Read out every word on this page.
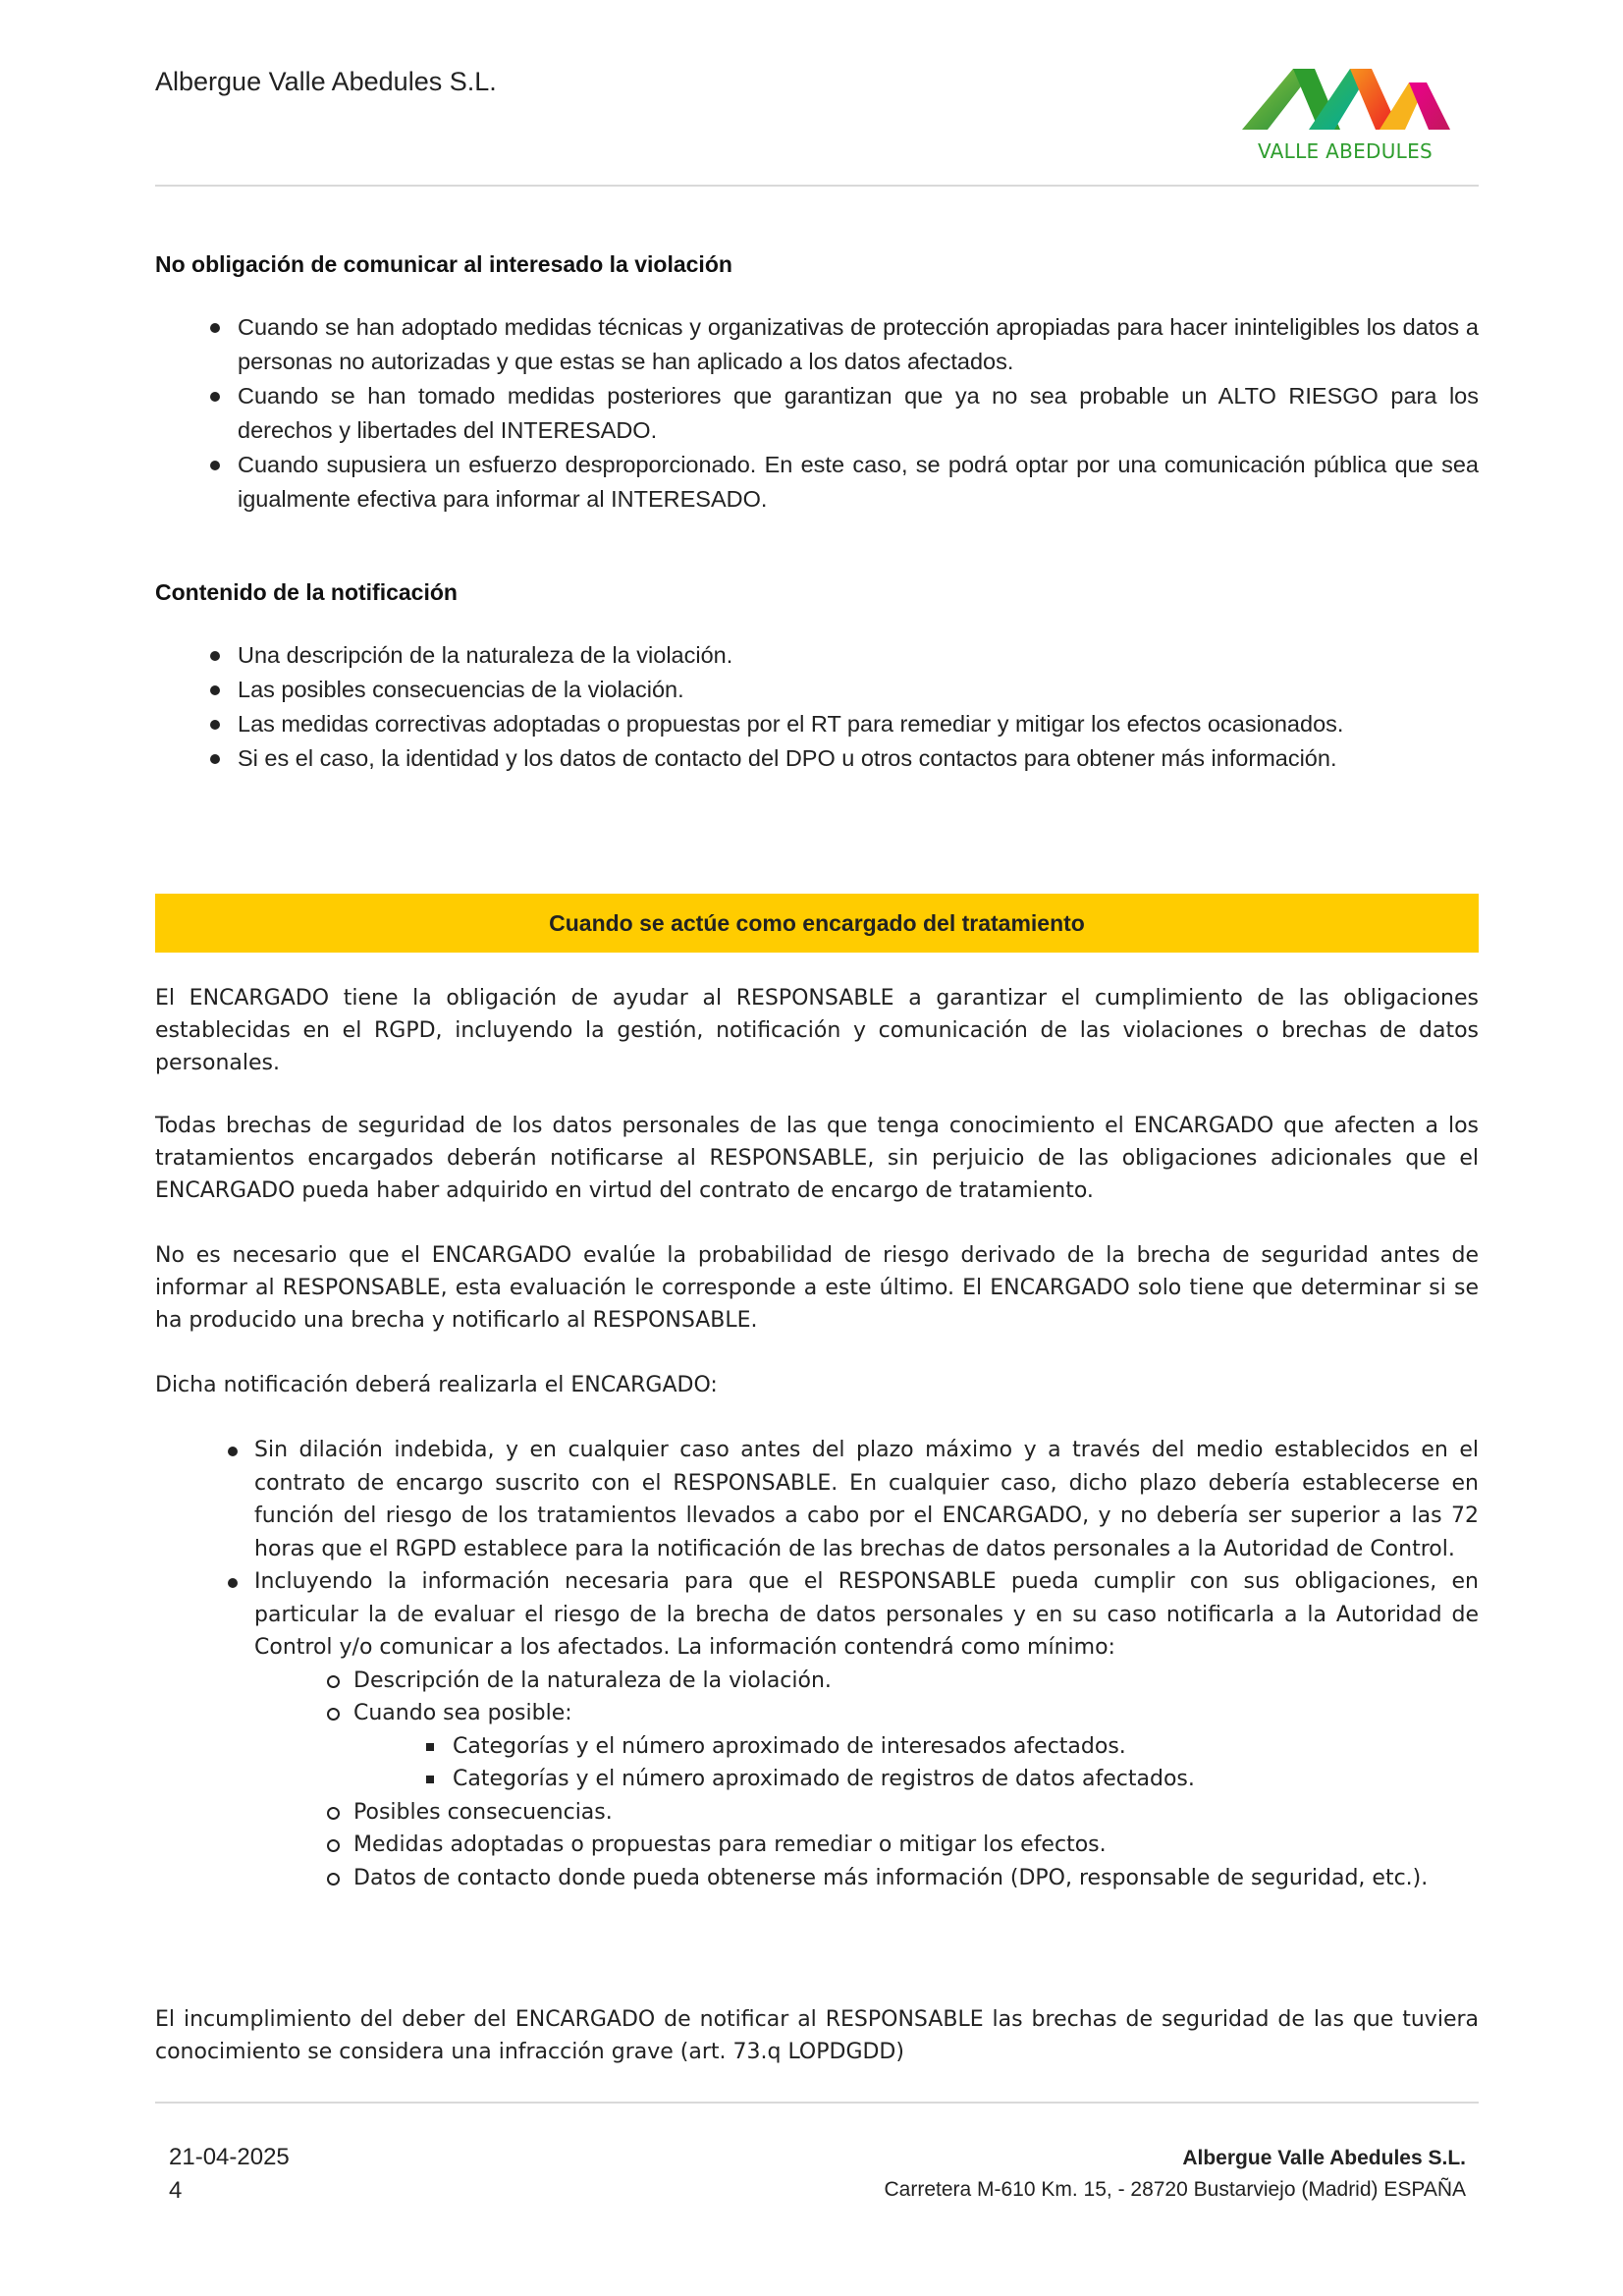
Albergue Valle Abedules S.L.
VALLE ABEDULES
No obligación de comunicar al interesado la violación
Cuando se han adoptado medidas técnicas y organizativas de protección apropiadas para hacer ininteligibles los datos a personas no autorizadas y que estas se han aplicado a los datos afectados.
Cuando se han tomado medidas posteriores que garantizan que ya no sea probable un ALTO RIESGO para los derechos y libertades del INTERESADO.
Cuando supusiera un esfuerzo desproporcionado. En este caso, se podrá optar por una comunicación pública que sea igualmente efectiva para informar al INTERESADO.
Contenido de la notificación
Una descripción de la naturaleza de la violación.
Las posibles consecuencias de la violación.
Las medidas correctivas adoptadas o propuestas por el RT para remediar y mitigar los efectos ocasionados.
Si es el caso, la identidad y los datos de contacto del DPO u otros contactos para obtener más información.
Cuando se actúe como encargado del tratamiento

El ENCARGADO tiene la obligación de ayudar al RESPONSABLE a garantizar el cumplimiento de las obligaciones establecidas en el RGPD, incluyendo la gestión, notificación y comunicación de las violaciones o brechas de datos personales.

Todas brechas de seguridad de los datos personales de las que tenga conocimiento el ENCARGADO que afecten a los tratamientos encargados deberán notificarse al RESPONSABLE, sin perjuicio de las obligaciones adicionales que el ENCARGADO pueda haber adquirido en virtud del contrato de encargo de tratamiento.

No es necesario que el ENCARGADO evalúe la probabilidad de riesgo derivado de la brecha de seguridad antes de informar al RESPONSABLE, esta evaluación le corresponde a este último. El ENCARGADO solo tiene que determinar si se ha producido una brecha y notificarlo al RESPONSABLE.

Dicha notificación deberá realizarla el ENCARGADO:

Sin dilación indebida, y en cualquier caso antes del plazo máximo y a través del medio establecidos en el contrato de encargo suscrito con el RESPONSABLE. En cualquier caso, dicho plazo debería establecerse en función del riesgo de los tratamientos llevados a cabo por el ENCARGADO, y no debería ser superior a las 72 horas que el RGPD establece para la notificación de las brechas de datos personales a la Autoridad de Control.
Incluyendo la información necesaria para que el RESPONSABLE pueda cumplir con sus obligaciones, en particular la de evaluar el riesgo de la brecha de datos personales y en su caso notificarla a la Autoridad de Control y/o comunicar a los afectados. La información contendrá como mínimo:
Descripción de la naturaleza de la violación.
Cuando sea posible:
Categorías y el número aproximado de interesados afectados.
Categorías y el número aproximado de registros de datos afectados.
Posibles consecuencias.
Medidas adoptadas o propuestas para remediar o mitigar los efectos.
Datos de contacto donde pueda obtenerse más información (DPO, responsable de seguridad, etc.).

El incumplimiento del deber del ENCARGADO de notificar al RESPONSABLE las brechas de seguridad de las que tuviera conocimiento se considera una infracción grave (art. 73.q LOPDGDD)

21-04-2025
4
Albergue Valle Abedules S.L.
Carretera M-610 Km. 15, - 28720 Bustarviejo (Madrid) ESPAÑA
